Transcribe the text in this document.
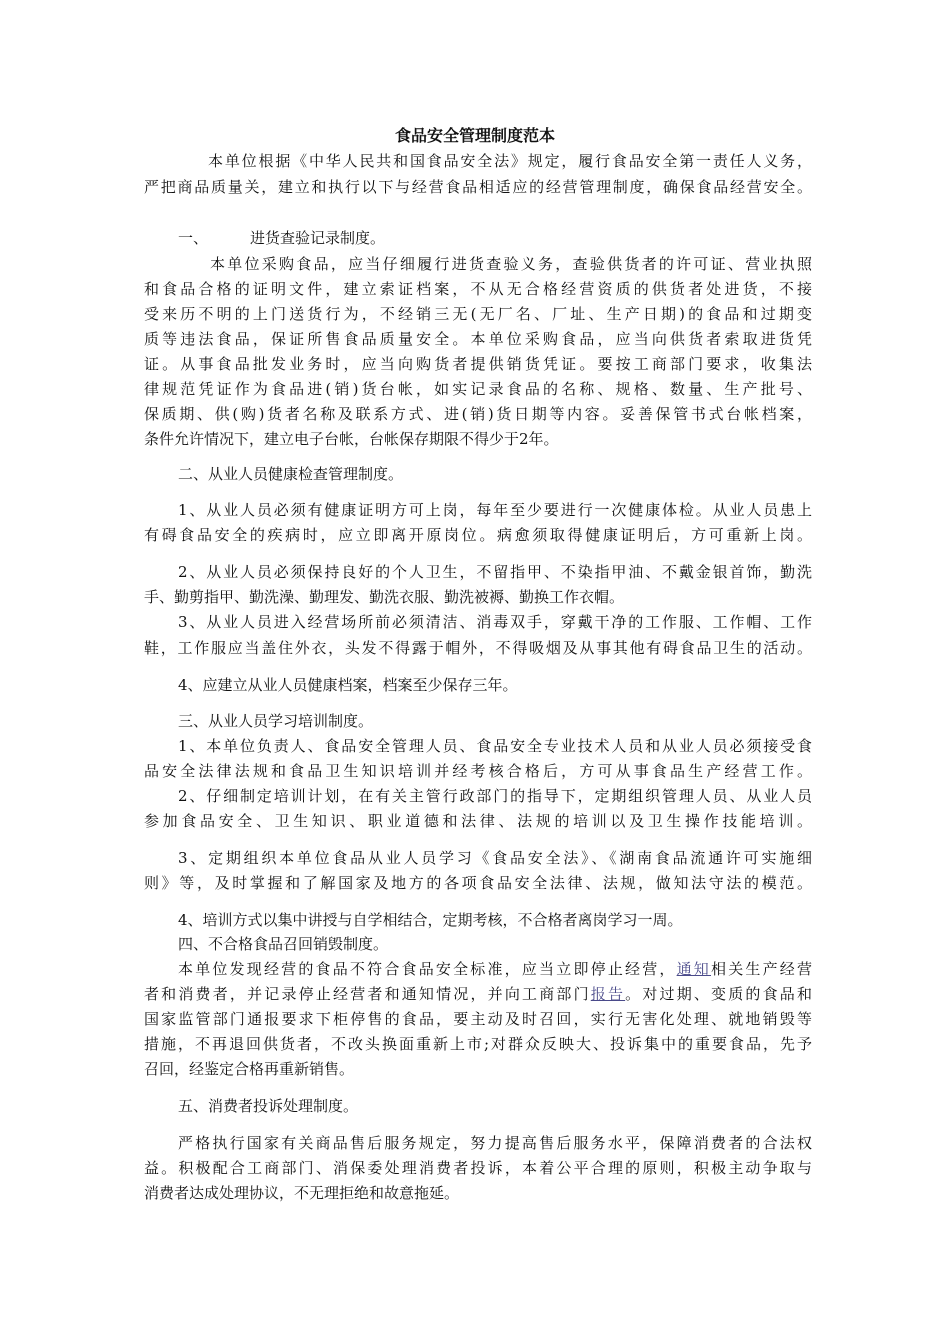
食品安全管理制度范本
本单位根据《中华人民共和国食品安全法》规定，履行食品安全第一责任人义务，
严把商品质量关，建立和执行以下与经营食品相适应的经营管理制度，确保食品经营安全。
一、	进货查验记录制度。
本单位采购食品，应当仔细履行进货查验义务，查验供货者的许可证、营业执照
和食品合格的证明文件，建立索证档案，不从无合格经营资质的供货者处进货，不接
受来历不明的上门送货行为，不经销三无(无厂名、厂址、生产日期)的食品和过期变
质等违法食品，保证所售食品质量安全。本单位采购食品，应当向供货者索取进货凭
证。从事食品批发业务时，应当向购货者提供销货凭证。要按工商部门要求，收集法
律规范凭证作为食品进(销)货台帐，如实记录食品的名称、规格、数量、生产批号、
保质期、供(购)货者名称及联系方式、进(销)货日期等内容。妥善保管书式台帐档案，
条件允许情况下，建立电子台帐，台帐保存期限不得少于2年。
二、从业人员健康检查管理制度。
1、从业人员必须有健康证明方可上岗，每年至少要进行一次健康体检。从业人员患上
有碍食品安全的疾病时，应立即离开原岗位。病愈须取得健康证明后，方可重新上岗。
2、从业人员必须保持良好的个人卫生，不留指甲、不染指甲油、不戴金银首饰，勤洗
手、勤剪指甲、勤洗澡、勤理发、勤洗衣服、勤洗被褥、勤换工作衣帽。
3、从业人员进入经营场所前必须清洁、消毒双手，穿戴干净的工作服、工作帽、工作
鞋，工作服应当盖住外衣，头发不得露于帽外，不得吸烟及从事其他有碍食品卫生的活动。
4、应建立从业人员健康档案，档案至少保存三年。
三、从业人员学习培训制度。
1、本单位负责人、食品安全管理人员、食品安全专业技术人员和从业人员必须接受食
品安全法律法规和食品卫生知识培训并经考核合格后，方可从事食品生产经营工作。
2、仔细制定培训计划，在有关主管行政部门的指导下，定期组织管理人员、从业人员
参加食品安全、卫生知识、职业道德和法律、法规的培训以及卫生操作技能培训。
3、定期组织本单位食品从业人员学习《食品安全法》、《湖南食品流通许可实施细
则》等，及时掌握和了解国家及地方的各项食品安全法律、法规，做知法守法的模范。
4、培训方式以集中讲授与自学相结合，定期考核，不合格者离岗学习一周。
四、不合格食品召回销毁制度。
本单位发现经营的食品不符合食品安全标准，应当立即停止经营，通知相关生产经营
者和消费者，并记录停止经营者和通知情况，并向工商部门报告。对过期、变质的食品和
国家监管部门通报要求下柜停售的食品，要主动及时召回，实行无害化处理、就地销毁等
措施，不再退回供货者，不改头换面重新上市;对群众反映大、投诉集中的重要食品，先予
召回，经鉴定合格再重新销售。
五、消费者投诉处理制度。
严格执行国家有关商品售后服务规定，努力提高售后服务水平，保障消费者的合法权
益。积极配合工商部门、消保委处理消费者投诉，本着公平合理的原则，积极主动争取与
消费者达成处理协议，不无理拒绝和故意拖延。
